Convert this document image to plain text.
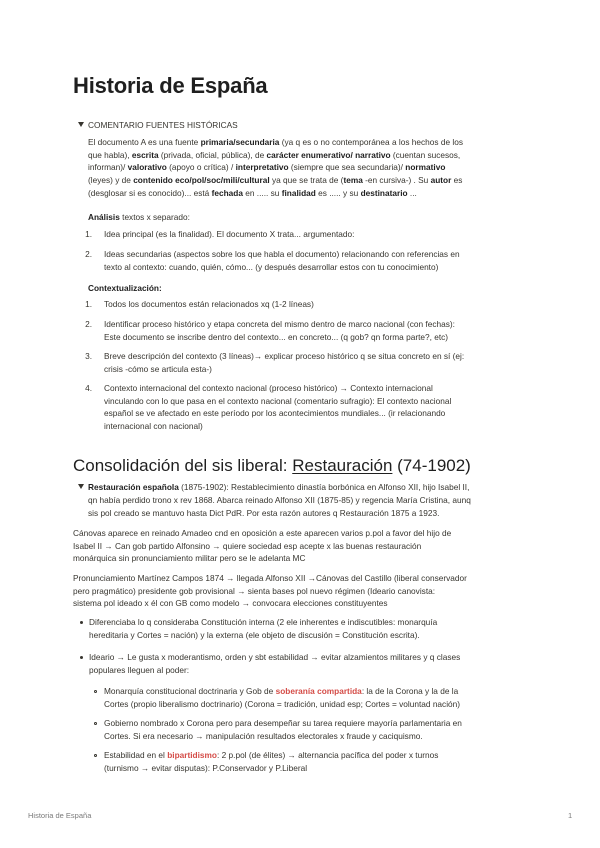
Historia de España
COMENTARIO FUENTES HISTÓRICAS
El documento A es una fuente primaria/secundaria (ya q es o no contemporánea a los hechos de los
que habla), escrita (privada, oficial, pública), de carácter enumerativo/ narrativo (cuentan sucesos,
informan)/ valorativo (apoyo o crítica) / interpretativo (siempre que sea secundaria)/ normativo
(leyes) y de contenido eco/pol/soc/mili/cultural ya que se trata de (tema -en cursiva-) . Su autor es
(desglosar si es conocido)... está fechada en ..... su finalidad es ..... y su destinatario ...
Análisis textos x separado:
1. Idea principal (es la finalidad). El documento X trata... argumentado:
2. Ideas secundarias (aspectos sobre los que habla el documento) relacionando con referencias en
texto al contexto: cuando, quién, cómo... (y después desarrollar estos con tu conocimiento)
Contextualización:
1. Todos los documentos están relacionados xq (1-2 líneas)
2. Identificar proceso histórico y etapa concreta del mismo dentro de marco nacional (con fechas):
Este documento se inscribe dentro del contexto... en concreto... (q gob? qn forma parte?, etc)
3. Breve descripción del contexto (3 líneas)→ explicar proceso histórico q se situa concreto en sí (ej:
crisis -cómo se articula esta-)
4. Contexto internacional del contexto nacional (proceso histórico) → Contexto internacional
vinculando con lo que pasa en el contexto nacional (comentario sufragio): El contexto nacional
español se ve afectado en este período por los acontecimientos mundiales... (ir relacionando
internacional con nacional)
Consolidación del sis liberal: Restauración (74-1902)
Restauración española (1875-1902): Restablecimiento dinastía borbónica en Alfonso XII, hijo Isabel II,
qn había perdido trono x rev 1868. Abarca reinado Alfonso XII (1875-85) y regencia María Cristina, aunq
sis pol creado se mantuvo hasta Dict PdR. Por esta razón autores q Restauración 1875 a 1923.
Cánovas aparece en reinado Amadeo cnd en oposición a este aparecen varios p.pol a favor del hijo de
Isabel II → Can gob partido Alfonsino → quiere sociedad esp acepte x las buenas restauración
monárquica sin pronunciamiento militar pero se le adelanta MC
Pronunciamiento Martínez Campos 1874 → llegada Alfonso XII →Cánovas del Castillo (liberal conservador
pero pragmático) presidente gob provisional → sienta bases pol nuevo régimen (Ideario canovista:
sistema pol ideado x él con GB como modelo → convocara elecciones constituyentes
Diferenciaba lo q consideraba Constitución interna (2 ele inherentes e indiscutibles: monarquía
hereditaria y Cortes = nación) y la externa (ele objeto de discusión = Constitución escrita).
Ideario → Le gusta x moderantismo, orden y sbt estabilidad → evitar alzamientos militares y q clases
populares lleguen al poder:
Monarquía constitucional doctrinaria y Gob de soberanía compartida: la de la Corona y la de la
Cortes (propio liberalismo doctrinario) (Corona = tradición, unidad esp; Cortes = voluntad nación)
Gobierno nombrado x Corona pero para desempeñar su tarea requiere mayoría parlamentaria en
Cortes. Si era necesario → manipulación resultados electorales x fraude y caciquismo.
Estabilidad en el bipartidismo: 2 p.pol (de élites) → alternancia pacífica del poder x turnos
(turnismo → evitar disputas): P.Conservador y P.Liberal
Historia de España	1
